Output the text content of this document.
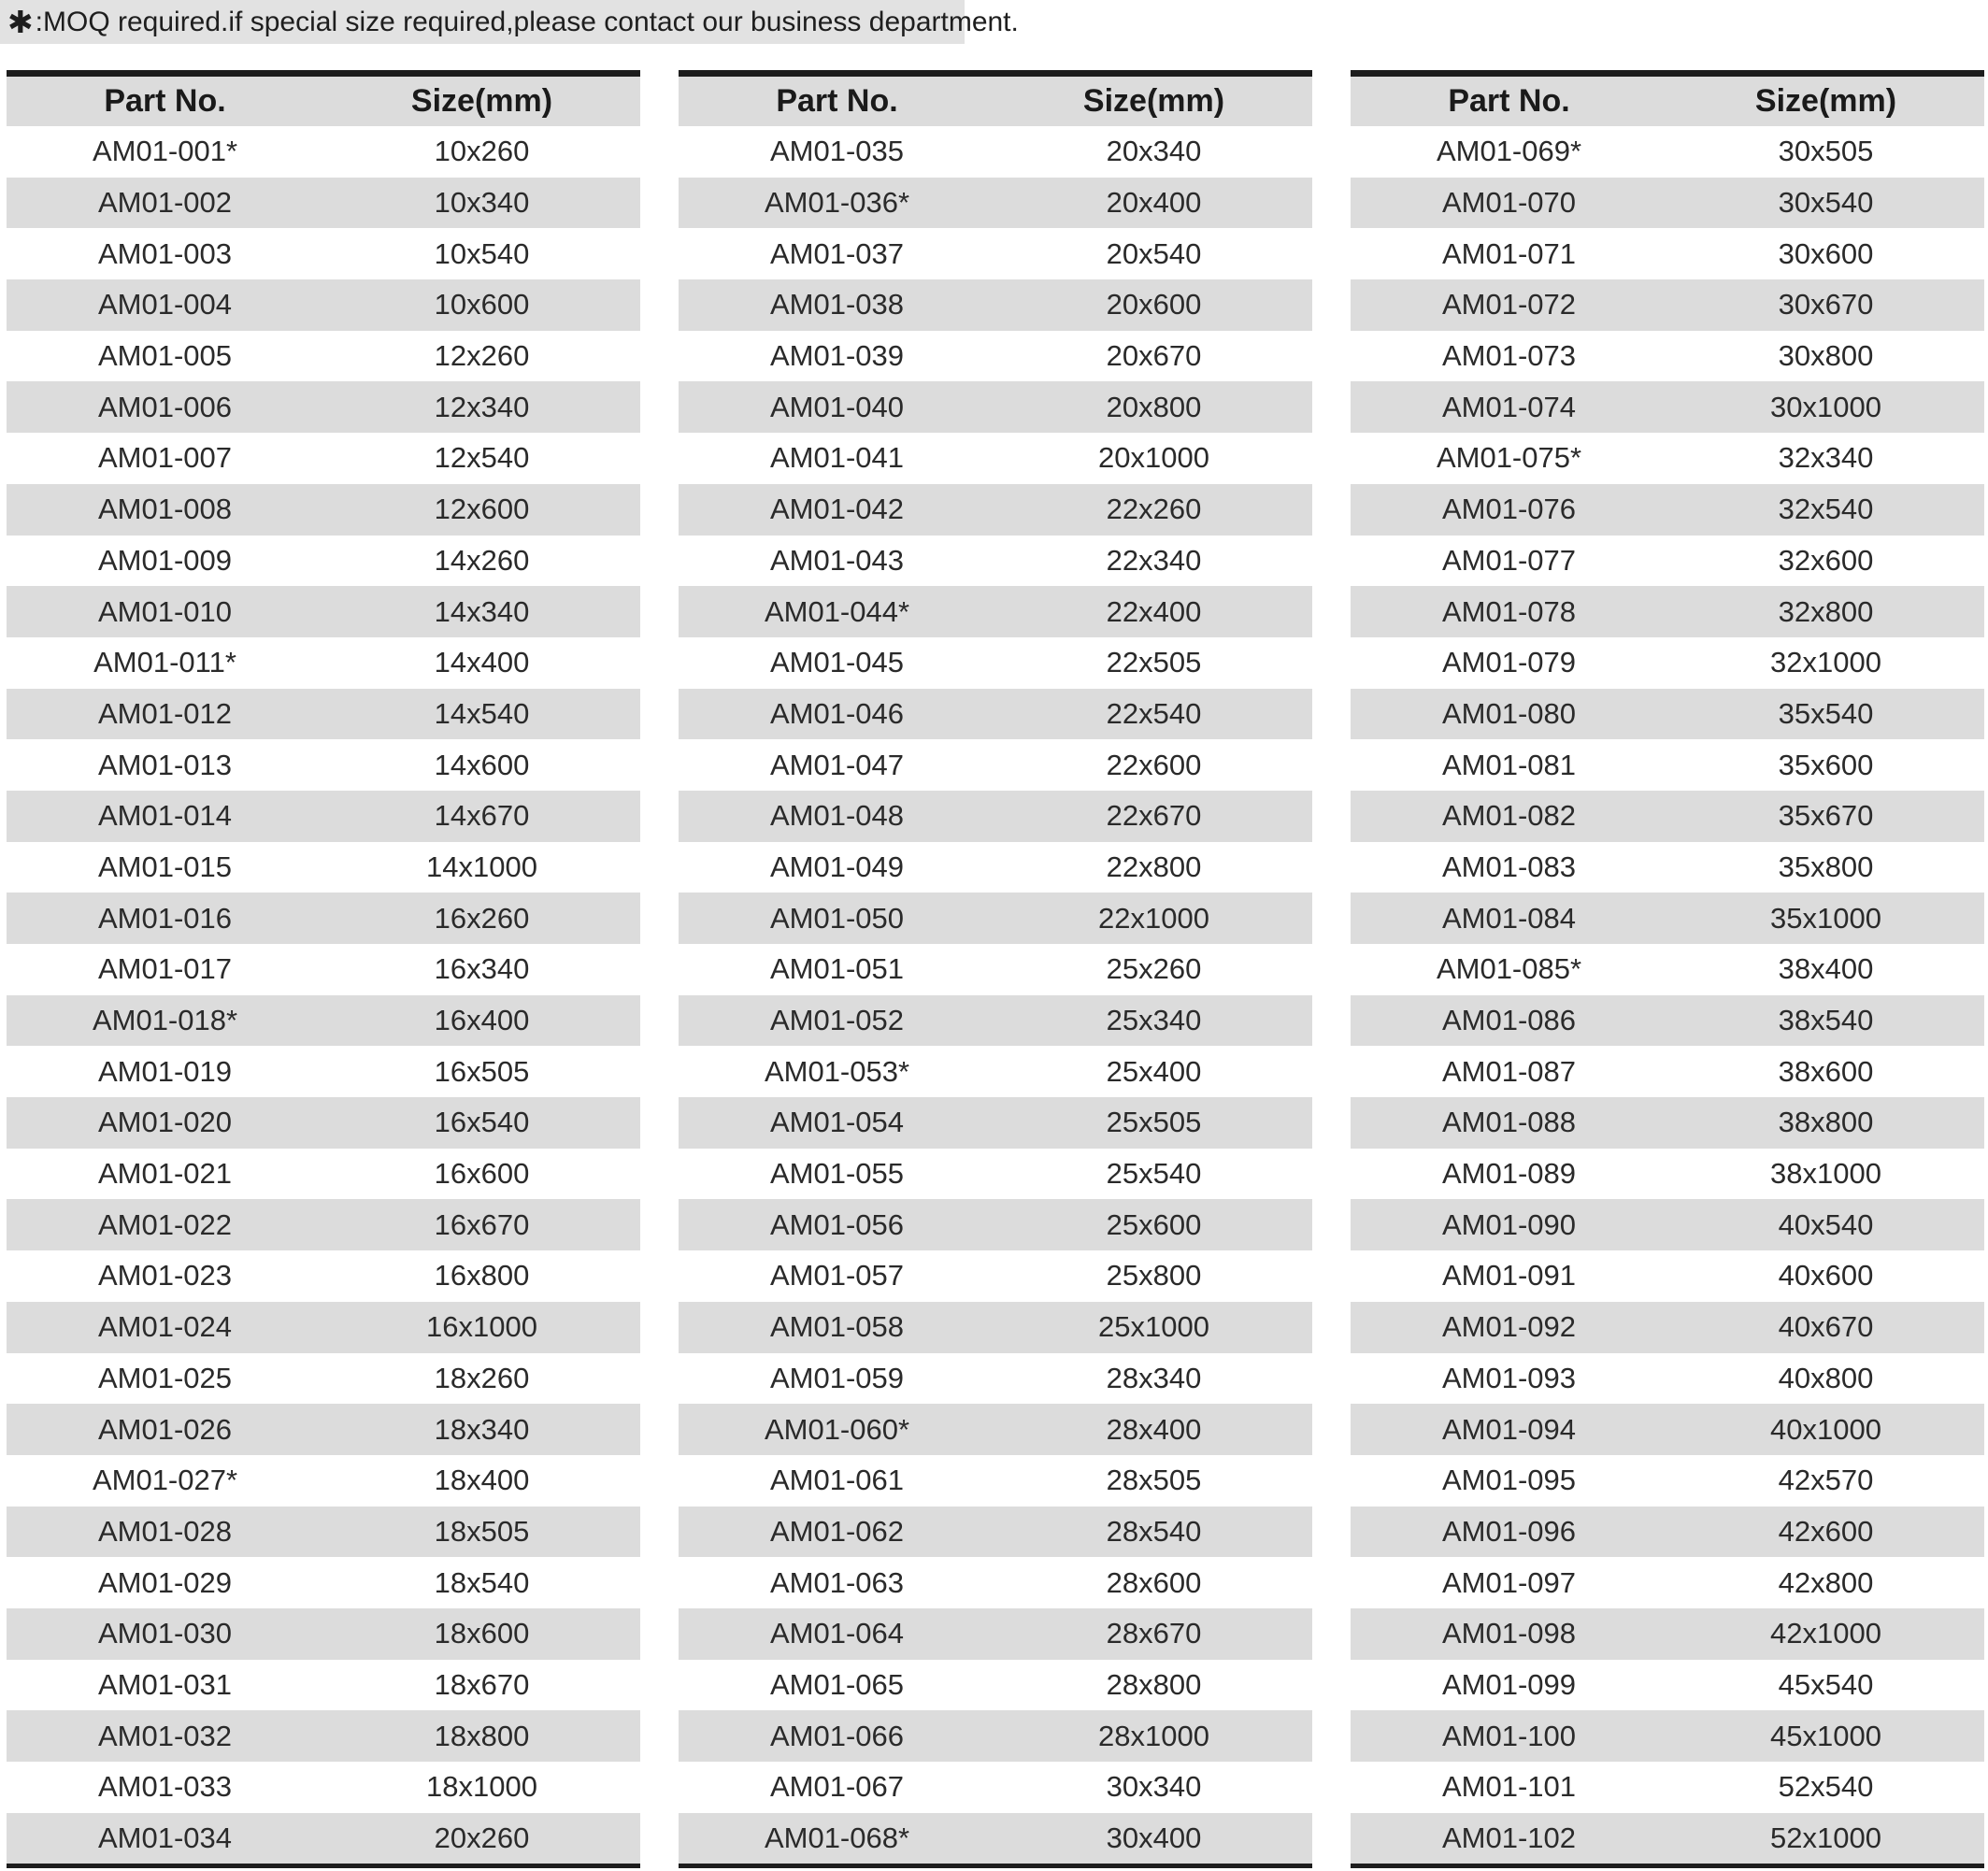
✱:MOQ required.if special size required,please contact our business department.
Part No.	Size(mm)
AM01-001*	10x260
AM01-002	10x340
AM01-003	10x540
AM01-004	10x600
AM01-005	12x260
AM01-006	12x340
AM01-007	12x540
AM01-008	12x600
AM01-009	14x260
AM01-010	14x340
AM01-011*	14x400
AM01-012	14x540
AM01-013	14x600
AM01-014	14x670
AM01-015	14x1000
AM01-016	16x260
AM01-017	16x340
AM01-018*	16x400
AM01-019	16x505
AM01-020	16x540
AM01-021	16x600
AM01-022	16x670
AM01-023	16x800
AM01-024	16x1000
AM01-025	18x260
AM01-026	18x340
AM01-027*	18x400
AM01-028	18x505
AM01-029	18x540
AM01-030	18x600
AM01-031	18x670
AM01-032	18x800
AM01-033	18x1000
AM01-034	20x260
Part No.	Size(mm)
AM01-035	20x340
AM01-036*	20x400
AM01-037	20x540
AM01-038	20x600
AM01-039	20x670
AM01-040	20x800
AM01-041	20x1000
AM01-042	22x260
AM01-043	22x340
AM01-044*	22x400
AM01-045	22x505
AM01-046	22x540
AM01-047	22x600
AM01-048	22x670
AM01-049	22x800
AM01-050	22x1000
AM01-051	25x260
AM01-052	25x340
AM01-053*	25x400
AM01-054	25x505
AM01-055	25x540
AM01-056	25x600
AM01-057	25x800
AM01-058	25x1000
AM01-059	28x340
AM01-060*	28x400
AM01-061	28x505
AM01-062	28x540
AM01-063	28x600
AM01-064	28x670
AM01-065	28x800
AM01-066	28x1000
AM01-067	30x340
AM01-068*	30x400
Part No.	Size(mm)
AM01-069*	30x505
AM01-070	30x540
AM01-071	30x600
AM01-072	30x670
AM01-073	30x800
AM01-074	30x1000
AM01-075*	32x340
AM01-076	32x540
AM01-077	32x600
AM01-078	32x800
AM01-079	32x1000
AM01-080	35x540
AM01-081	35x600
AM01-082	35x670
AM01-083	35x800
AM01-084	35x1000
AM01-085*	38x400
AM01-086	38x540
AM01-087	38x600
AM01-088	38x800
AM01-089	38x1000
AM01-090	40x540
AM01-091	40x600
AM01-092	40x670
AM01-093	40x800
AM01-094	40x1000
AM01-095	42x570
AM01-096	42x600
AM01-097	42x800
AM01-098	42x1000
AM01-099	45x540
AM01-100	45x1000
AM01-101	52x540
AM01-102	52x1000
